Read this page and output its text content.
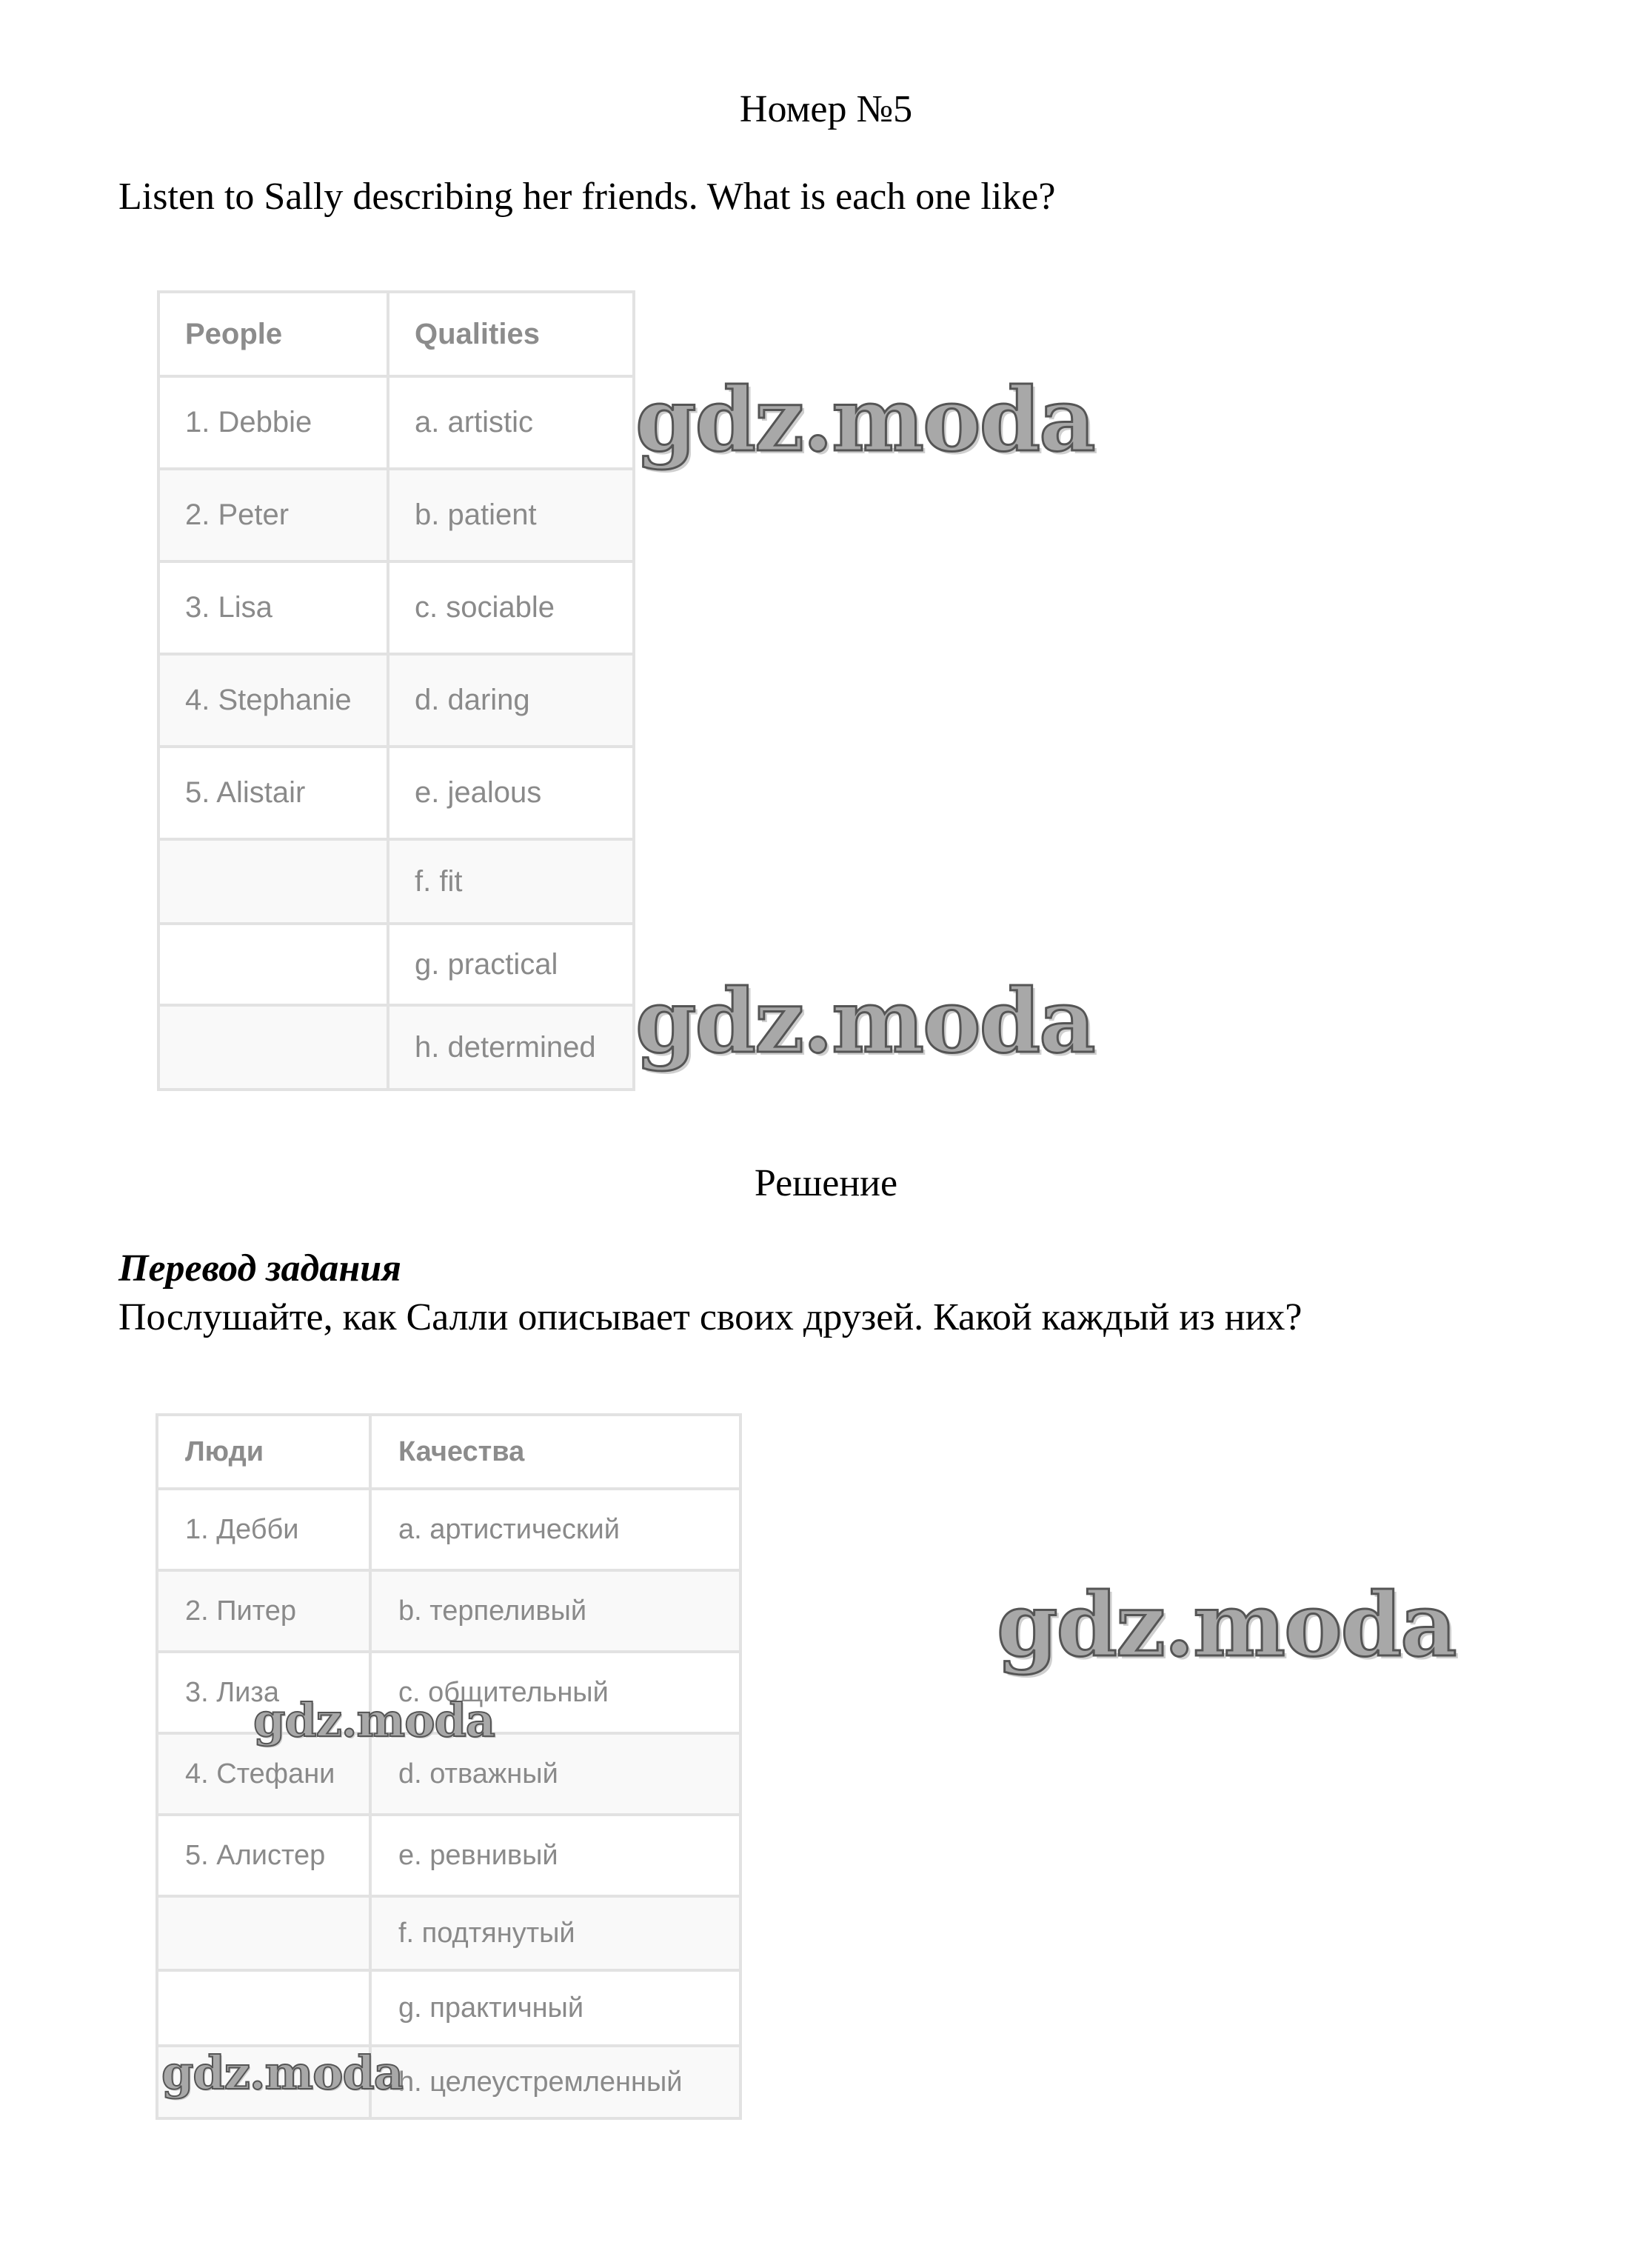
Номер №5

Listen to Sally describing her friends. What is each one like?

People	Qualities
1. Debbie	a. artistic
2. Peter	b. patient
3. Lisa	c. sociable
4. Stephanie	d. daring
5. Alistair	e. jealous
	f. fit
	g. practical
	h. determined
gdz.moda
gdz.moda
Решение

Перевод задания

Послушайте, как Салли описывает своих друзей. Какой каждый из них?

Люди	Качества
1. Дебби	a. артистический
2. Питер	b. терпеливый
3. Лиза	c. общительный
4. Стефани	d. отважный
5. Алистер	e. ревнивый
	f. подтянутый
	g. практичный
	h. целеустремленный
gdz.moda
gdz.moda
gdz.moda
